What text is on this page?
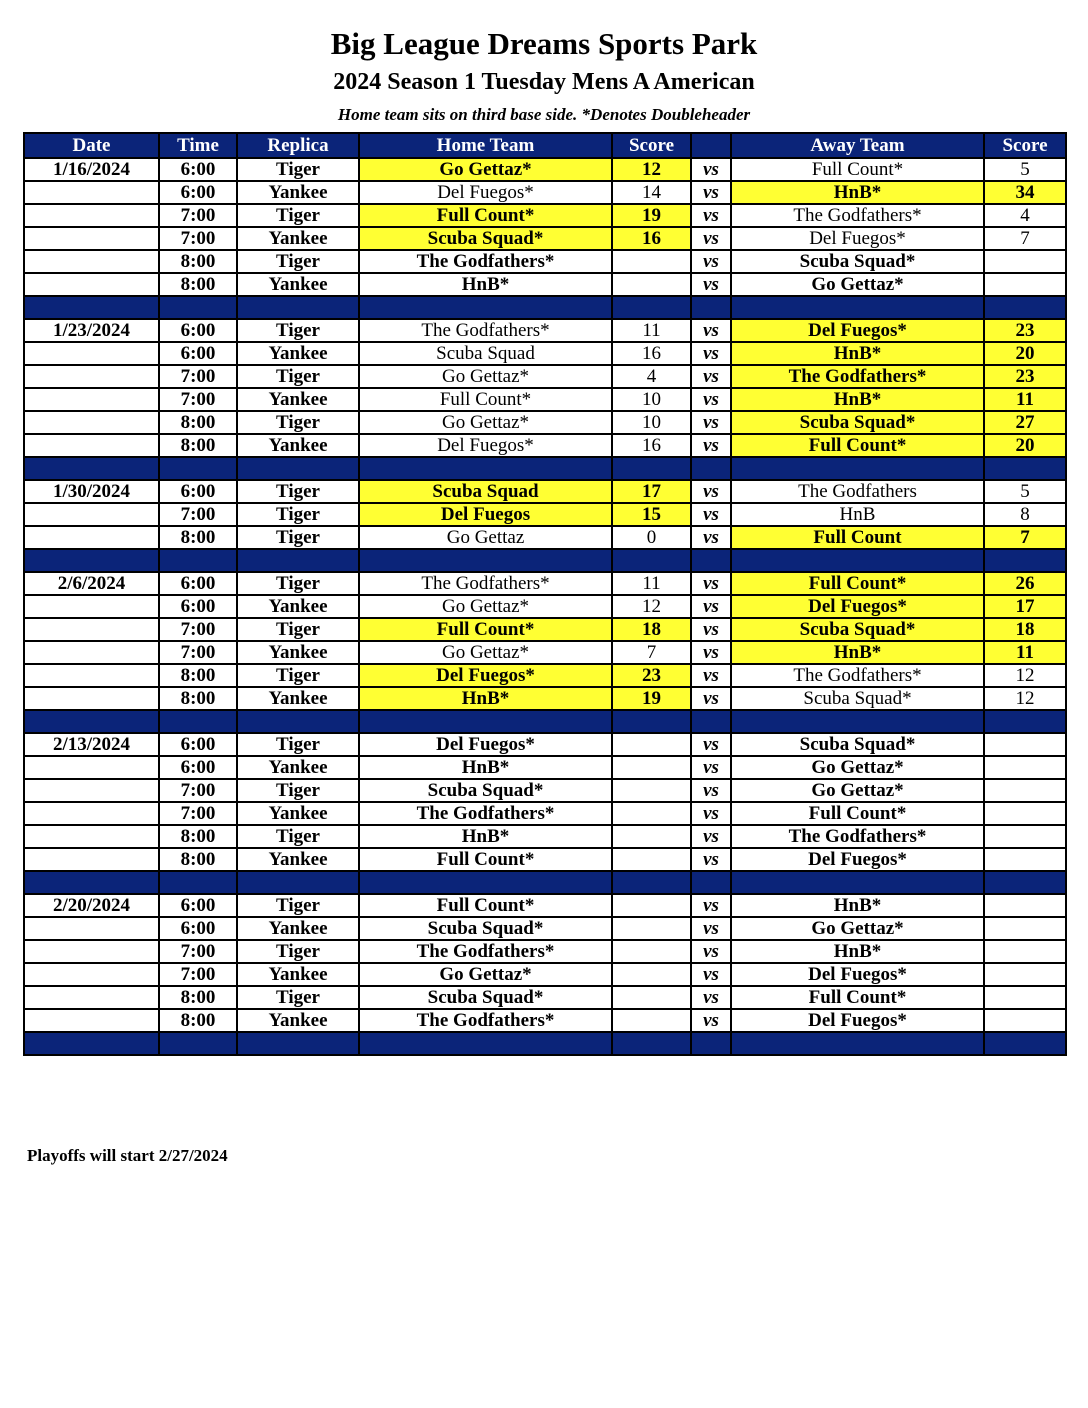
Big League Dreams Sports Park
2024 Season 1 Tuesday Mens A American
Home team sits on third base side. *Denotes Doubleheader
Date	Time	Replica	Home Team	Score		Away Team	Score
1/16/2024	6:00	Tiger	Go Gettaz*	12	vs	Full Count*	5
	6:00	Yankee	Del Fuegos*	14	vs	HnB*	34
	7:00	Tiger	Full Count*	19	vs	The Godfathers*	4
	7:00	Yankee	Scuba Squad*	16	vs	Del Fuegos*	7
	8:00	Tiger	The Godfathers*		vs	Scuba Squad*	
	8:00	Yankee	HnB*		vs	Go Gettaz*	

1/23/2024	6:00	Tiger	The Godfathers*	11	vs	Del Fuegos*	23
	6:00	Yankee	Scuba Squad	16	vs	HnB*	20
	7:00	Tiger	Go Gettaz*	4	vs	The Godfathers*	23
	7:00	Yankee	Full Count*	10	vs	HnB*	11
	8:00	Tiger	Go Gettaz*	10	vs	Scuba Squad*	27
	8:00	Yankee	Del Fuegos*	16	vs	Full Count*	20

1/30/2024	6:00	Tiger	Scuba Squad	17	vs	The Godfathers	5
	7:00	Tiger	Del Fuegos	15	vs	HnB	8
	8:00	Tiger	Go Gettaz	0	vs	Full Count	7

2/6/2024	6:00	Tiger	The Godfathers*	11	vs	Full Count*	26
	6:00	Yankee	Go Gettaz*	12	vs	Del Fuegos*	17
	7:00	Tiger	Full Count*	18	vs	Scuba Squad*	18
	7:00	Yankee	Go Gettaz*	7	vs	HnB*	11
	8:00	Tiger	Del Fuegos*	23	vs	The Godfathers*	12
	8:00	Yankee	HnB*	19	vs	Scuba Squad*	12

2/13/2024	6:00	Tiger	Del Fuegos*		vs	Scuba Squad*	
	6:00	Yankee	HnB*		vs	Go Gettaz*	
	7:00	Tiger	Scuba Squad*		vs	Go Gettaz*	
	7:00	Yankee	The Godfathers*		vs	Full Count*	
	8:00	Tiger	HnB*		vs	The Godfathers*	
	8:00	Yankee	Full Count*		vs	Del Fuegos*	

2/20/2024	6:00	Tiger	Full Count*		vs	HnB*	
	6:00	Yankee	Scuba Squad*		vs	Go Gettaz*	
	7:00	Tiger	The Godfathers*		vs	HnB*	
	7:00	Yankee	Go Gettaz*		vs	Del Fuegos*	
	8:00	Tiger	Scuba Squad*		vs	Full Count*	
	8:00	Yankee	The Godfathers*		vs	Del Fuegos*	

Playoffs will start 2/27/2024
